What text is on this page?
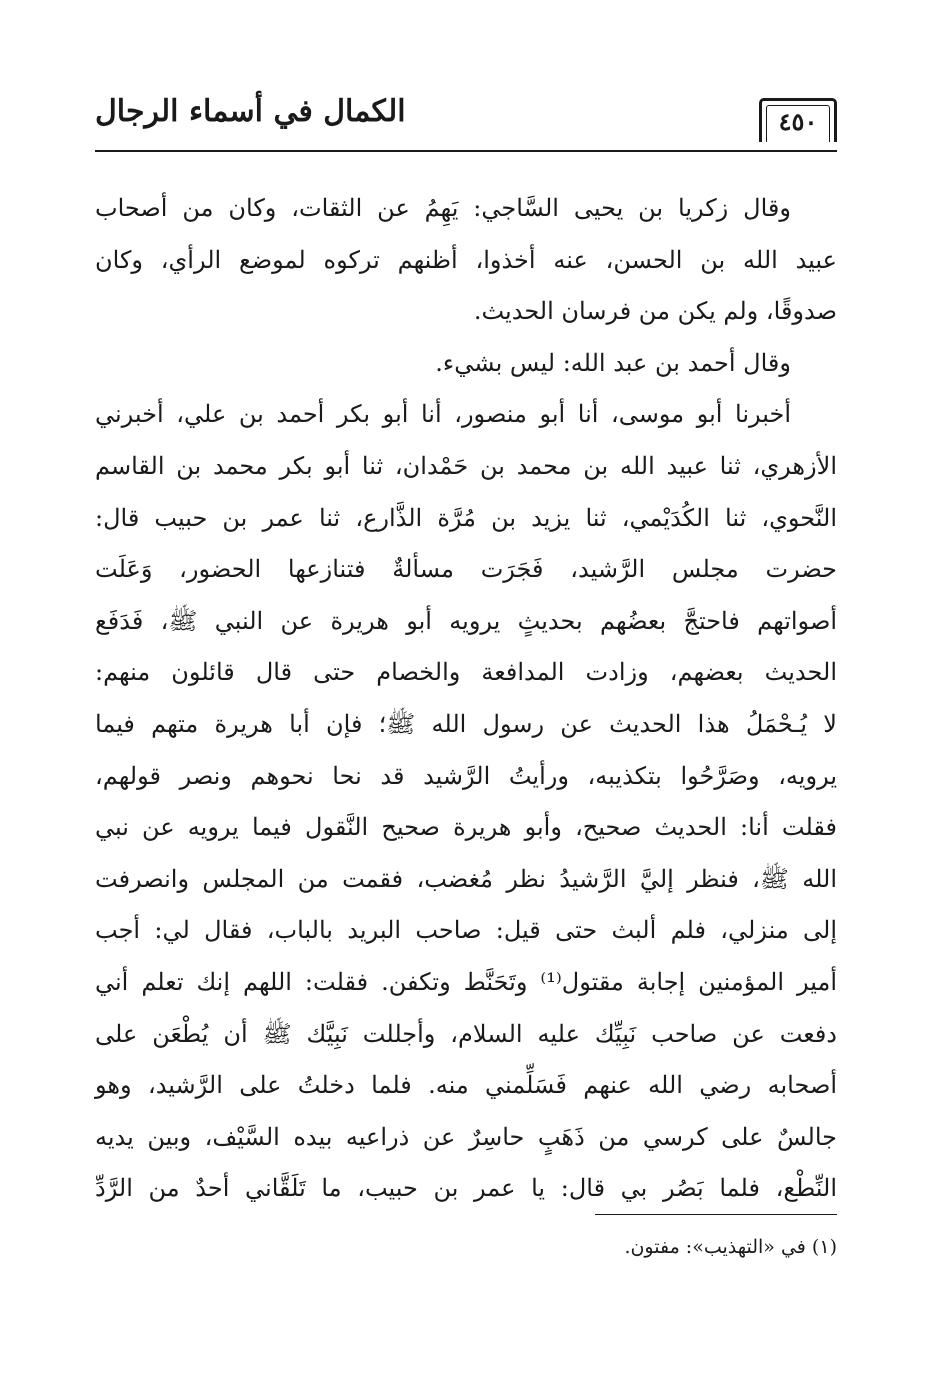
الكمال في أسماء الرجال	٤٥٠
وقال زكريا بن يحيى السَّاجي: يَهِمُ عن الثقات، وكان من أصحاب
عبيد الله بن الحسن، عنه أخذوا، أظنهم تركوه لموضع الرأي، وكان
صدوقًا، ولم يكن من فرسان الحديث.
وقال أحمد بن عبد الله: ليس بشيء.
أخبرنا أبو موسى، أنا أبو منصور، أنا أبو بكر أحمد بن علي، أخبرني
الأزهري، ثنا عبيد الله بن محمد بن حَمْدان، ثنا أبو بكر محمد بن القاسم
النَّحوي، ثنا الكُدَيْمي، ثنا يزيد بن مُرَّة الذَّارع، ثنا عمر بن حبيب قال:
حضرت مجلس الرَّشيد، فَجَرَت مسألةٌ فتنازعها الحضور، وَعَلَت
أصواتهم فاحتجَّ بعضُهم بحديثٍ يرويه أبو هريرة عن النبي ﷺ، فَدَفَع
الحديث بعضهم، وزادت المدافعة والخصام حتى قال قائلون منهم:
لا يُـحْمَلُ هذا الحديث عن رسول الله ﷺ؛ فإن أبا هريرة متهم فيما
يرويه، وصَرَّحُوا بتكذيبه، ورأيتُ الرَّشيد قد نحا نحوهم ونصر قولهم،
فقلت أنا: الحديث صحيح، وأبو هريرة صحيح النَّقول فيما يرويه عن نبي
الله ﷺ، فنظر إليَّ الرَّشيدُ نظر مُغضب، فقمت من المجلس وانصرفت
إلى منزلي، فلم ألبث حتى قيل: صاحب البريد بالباب، فقال لي: أجب
أمير المؤمنين إجابة مقتول⁽¹⁾ وتَحَنَّط وتكفن. فقلت: اللهم إنك تعلم أني
دفعت عن صاحب نَبِيِّك عليه السلام، وأجللت نَبِيَّك ﷺ أن يُطْعَن على
أصحابه رضي الله عنهم فَسَلِّمني منه. فلما دخلتُ على الرَّشيد، وهو
جالسٌ على كرسي من ذَهَبٍ حاسِرٌ عن ذراعيه بيده السَّيْف، وبين يديه
النِّطْع، فلما بَصُر بي قال: يا عمر بن حبيب، ما تَلَقَّاني أحدٌ من الرَّدِّ
(١) في «التهذيب»: مفتون.
